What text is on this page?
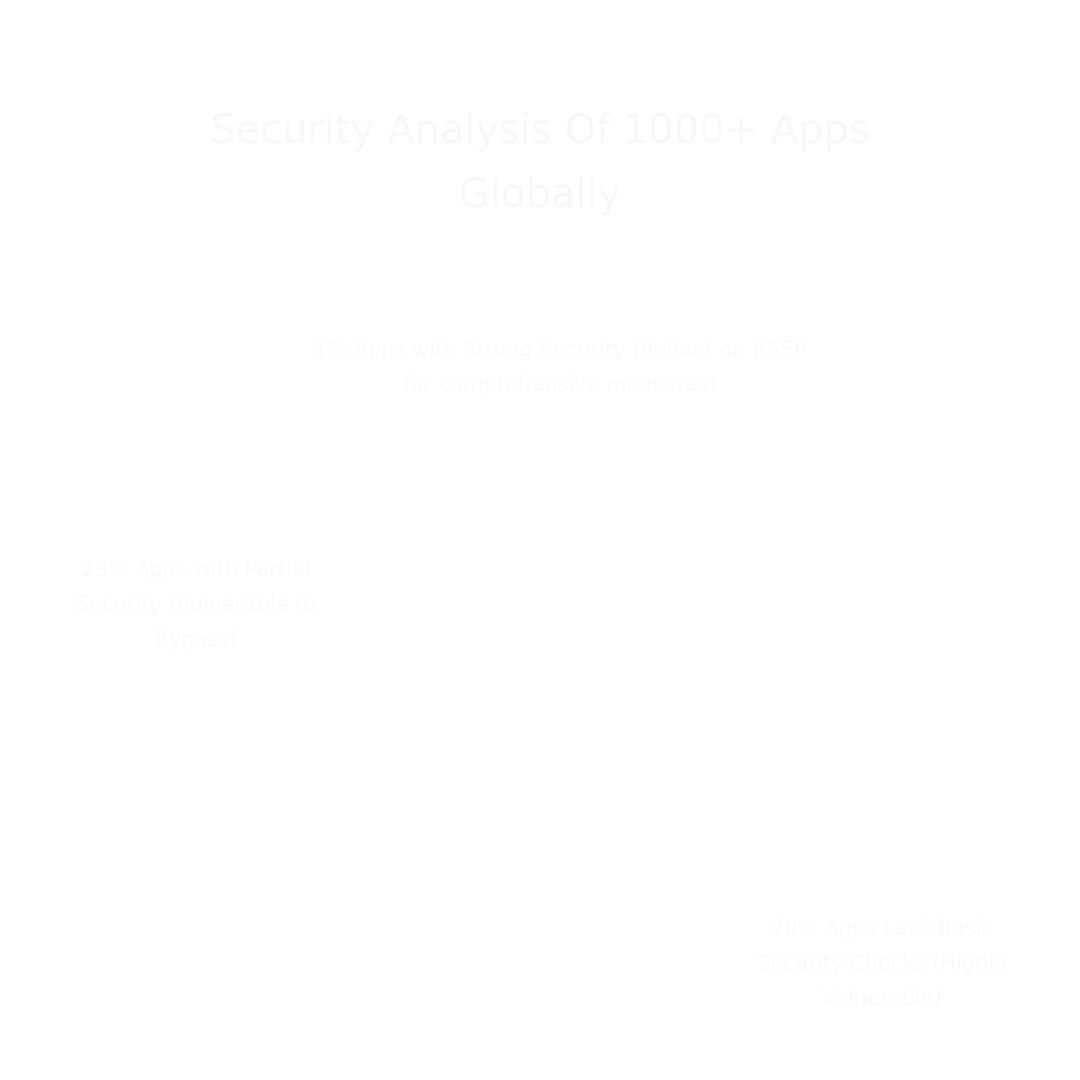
Security Analysis Of 1000+ Apps
Globally
1% Apps with Strong Security (Reliant on RASP for comprehensive measures)
29% Apps with Partial Security (Vulnerable to Bypass)
70% Apps Lack Basic Security Checks (Highly Vulnerable)
